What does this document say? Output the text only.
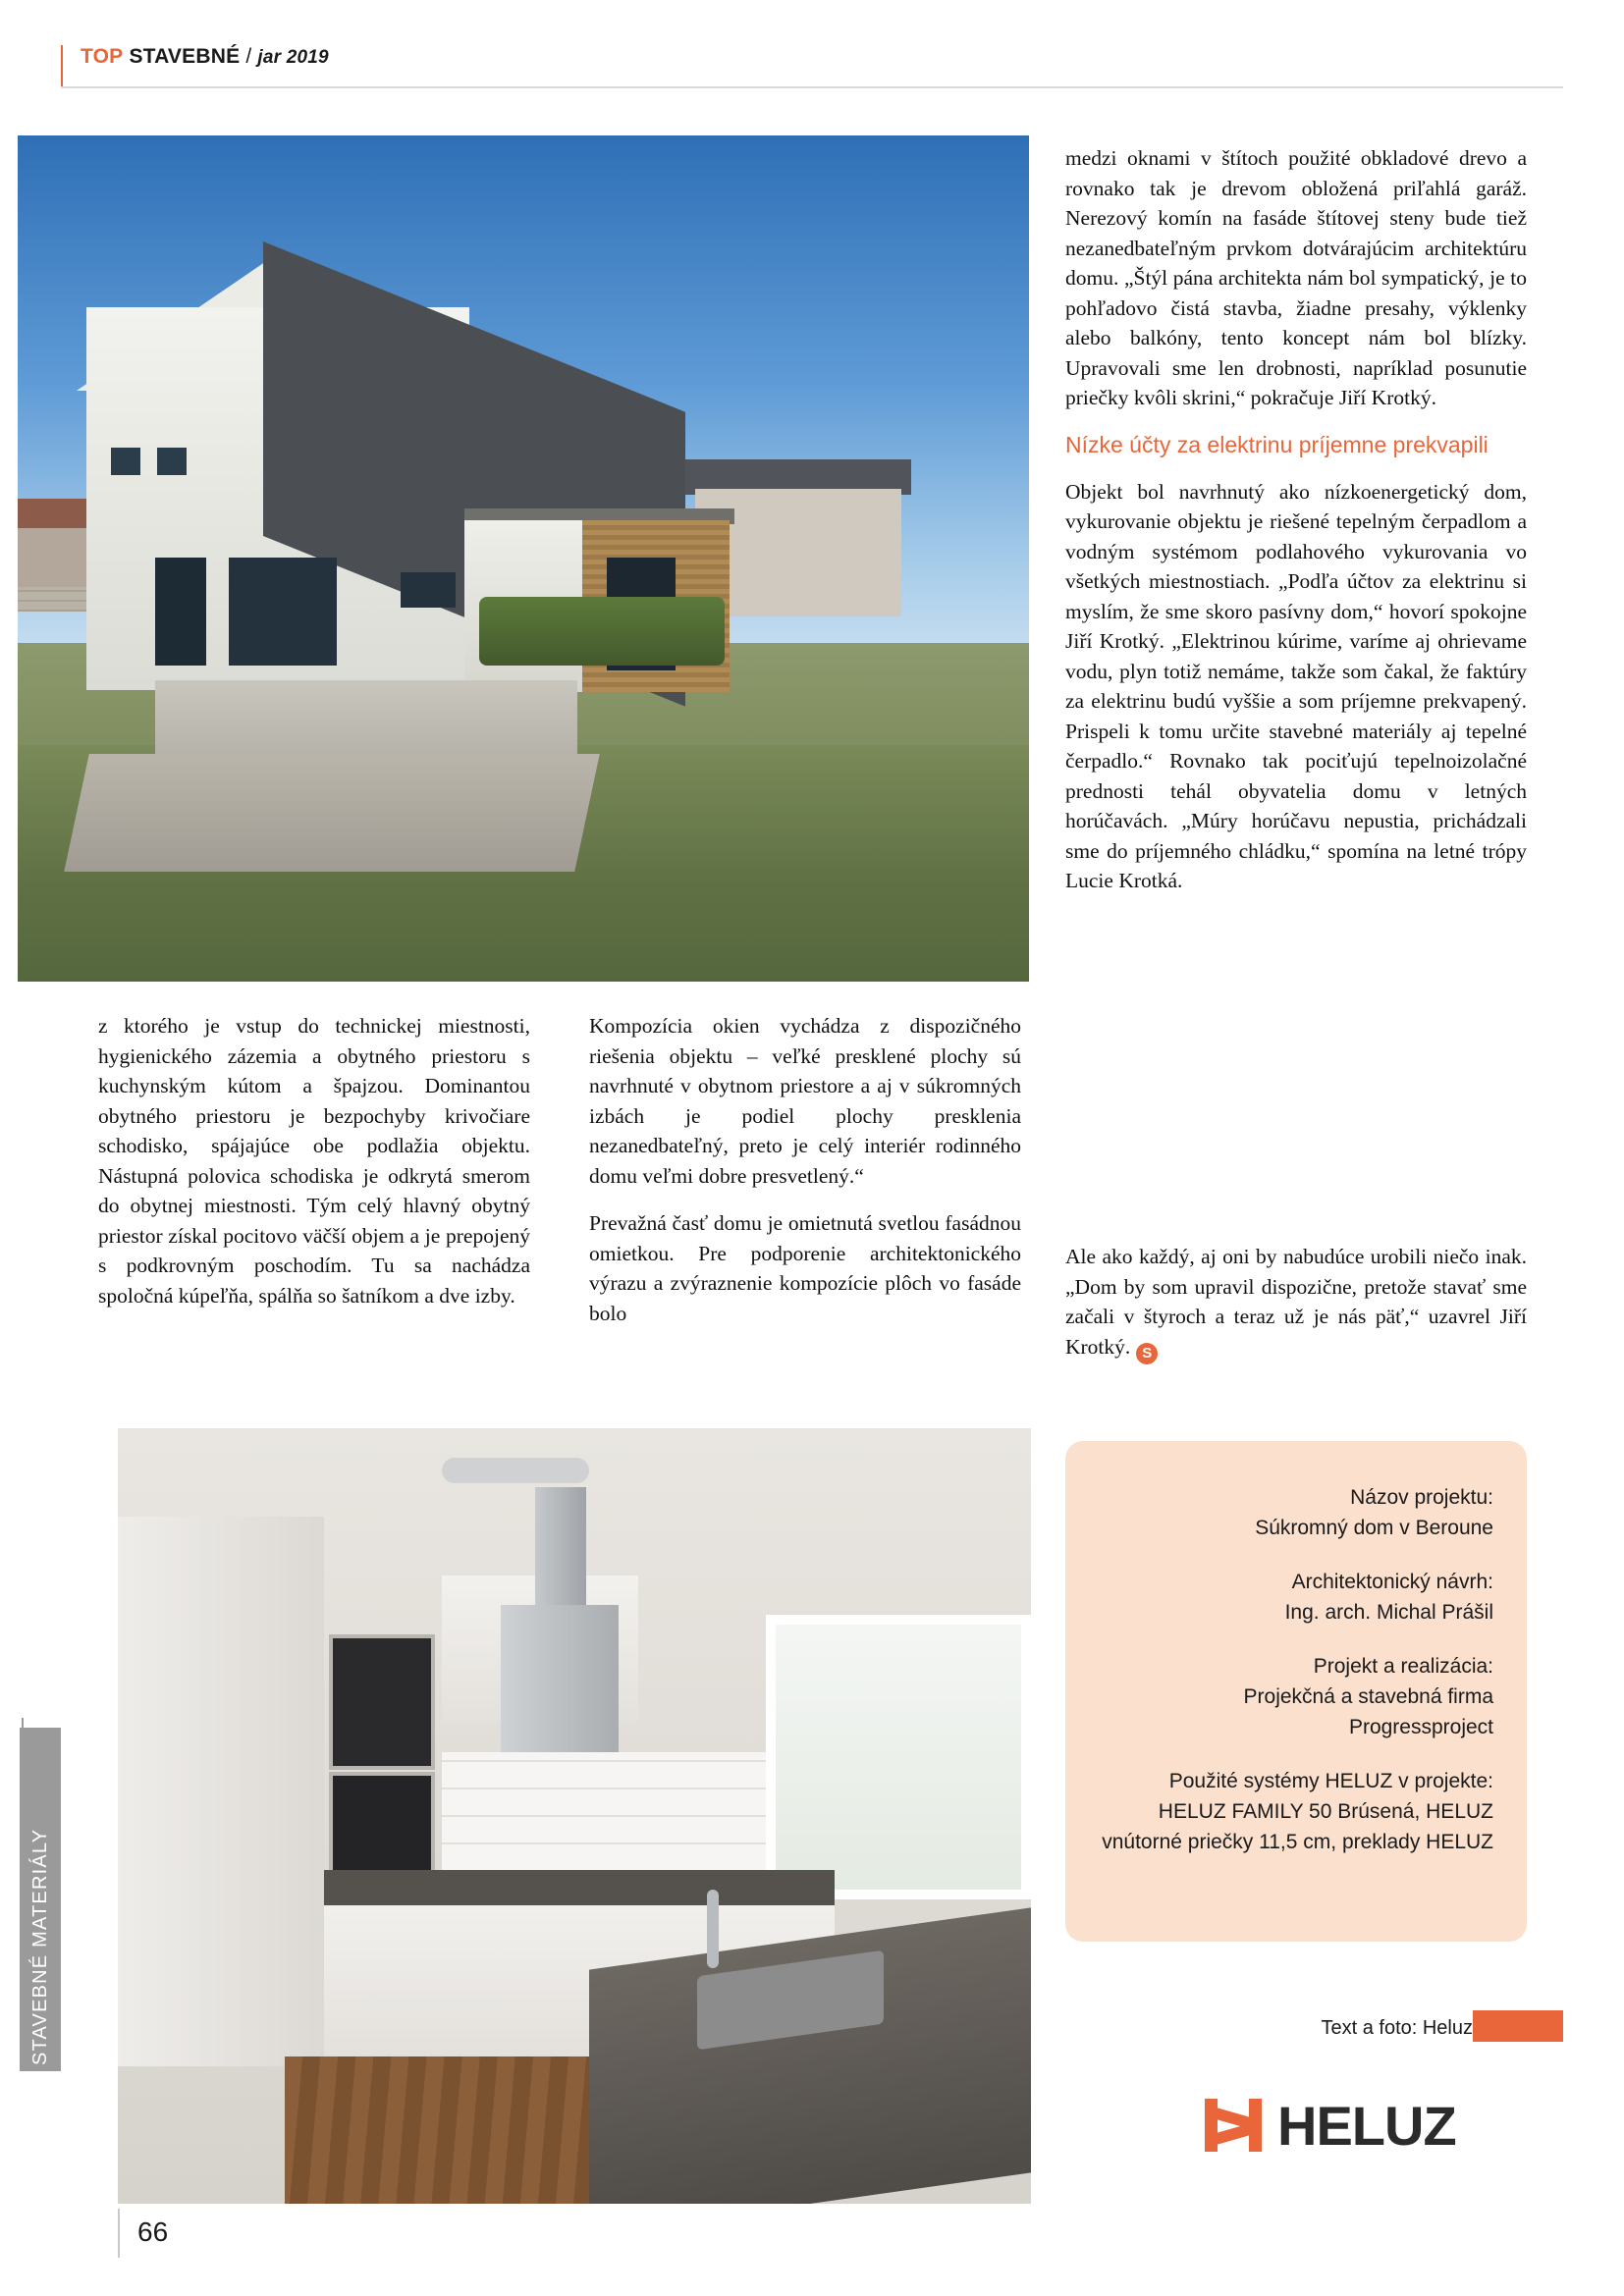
TOP STAVEBNÉ / jar 2019
STAVEBNÉ MATERIÁLY

medzi oknami v štítoch použité obkladové drevo a rovnako tak je drevom obložená priľahlá garáž. Nerezový komín na fasáde štítovej steny bude tiež nezanedbateľným prvkom dotvárajúcim architektúru domu. „Štýl pána architekta nám bol sympatický, je to pohľadovo čistá stavba, žiadne presahy, výklenky alebo balkóny, tento koncept nám bol blízky. Upravovali sme len drobnosti, napríklad posunutie priečky kvôli skrini,“ pokračuje Jiří Krotký.

Nízke účty za elektrinu príjemne prekvapili

Objekt bol navrhnutý ako nízkoenergetický dom, vykurovanie objektu je riešené tepelným čerpadlom a vodným systémom podlahového vykurovania vo všetkých miestnostiach. „Podľa účtov za elektrinu si myslím, že sme skoro pasívny dom,“ hovorí spokojne Jiří Krotký. „Elektrinou kúrime, varíme aj ohrievame vodu, plyn totiž nemáme, takže som čakal, že faktúry za elektrinu budú vyššie a som príjemne prekvapený. Prispeli k tomu určite stavebné materiály aj tepelné čerpadlo.“ Rovnako tak pociťujú tepelnoizolačné prednosti tehál obyvatelia domu v letných horúčavách. „Múry horúčavu nepustia, prichádzali sme do príjemného chládku,“ spomína na letné trópy Lucie Krotká.

z ktorého je vstup do technickej miestnosti, hygienického zázemia a obytného priestoru s kuchynským kútom a špajzou. Dominantou obytného priestoru je bezpochyby krivočiare schodisko, spájajúce obe podlažia objektu. Nástupná polovica schodiska je odkrytá smerom do obytnej miestnosti. Tým celý hlavný obytný priestor získal pocitovo väčší objem a je prepojený s podkrovným poschodím. Tu sa nachádza spoločná kúpeľňa, spálňa so šatníkom a dve izby.

Kompozícia okien vychádza z dispozičného riešenia objektu – veľké presklené plochy sú navrhnuté v obytnom priestore a aj v súkromných izbách je podiel plochy presklenia nezanedbateľný, preto je celý interiér rodinného domu veľmi dobre presvetlený.“

Prevažná časť domu je omietnutá svetlou fasádnou omietkou. Pre podporenie architektonického výrazu a zvýraznenie kompozície plôch vo fasáde bolo

Ale ako každý, aj oni by nabudúce urobili niečo inak. „Dom by som upravil dispozične, pretože stavať sme začali v štyroch a teraz už je nás päť,“ uzavrel Jiří Krotký. S

Názov projektu:
Súkromný dom v Beroune
Architektonický návrh:
Ing. arch. Michal Prášil
Projekt a realizácia:
Projekčná a stavebná firma Progressproject
Použité systémy HELUZ v projekte:
HELUZ FAMILY 50 Brúsená, HELUZ vnútorné priečky 11,5 cm, preklady HELUZ
Text a foto: Heluz
HELUZ
66
